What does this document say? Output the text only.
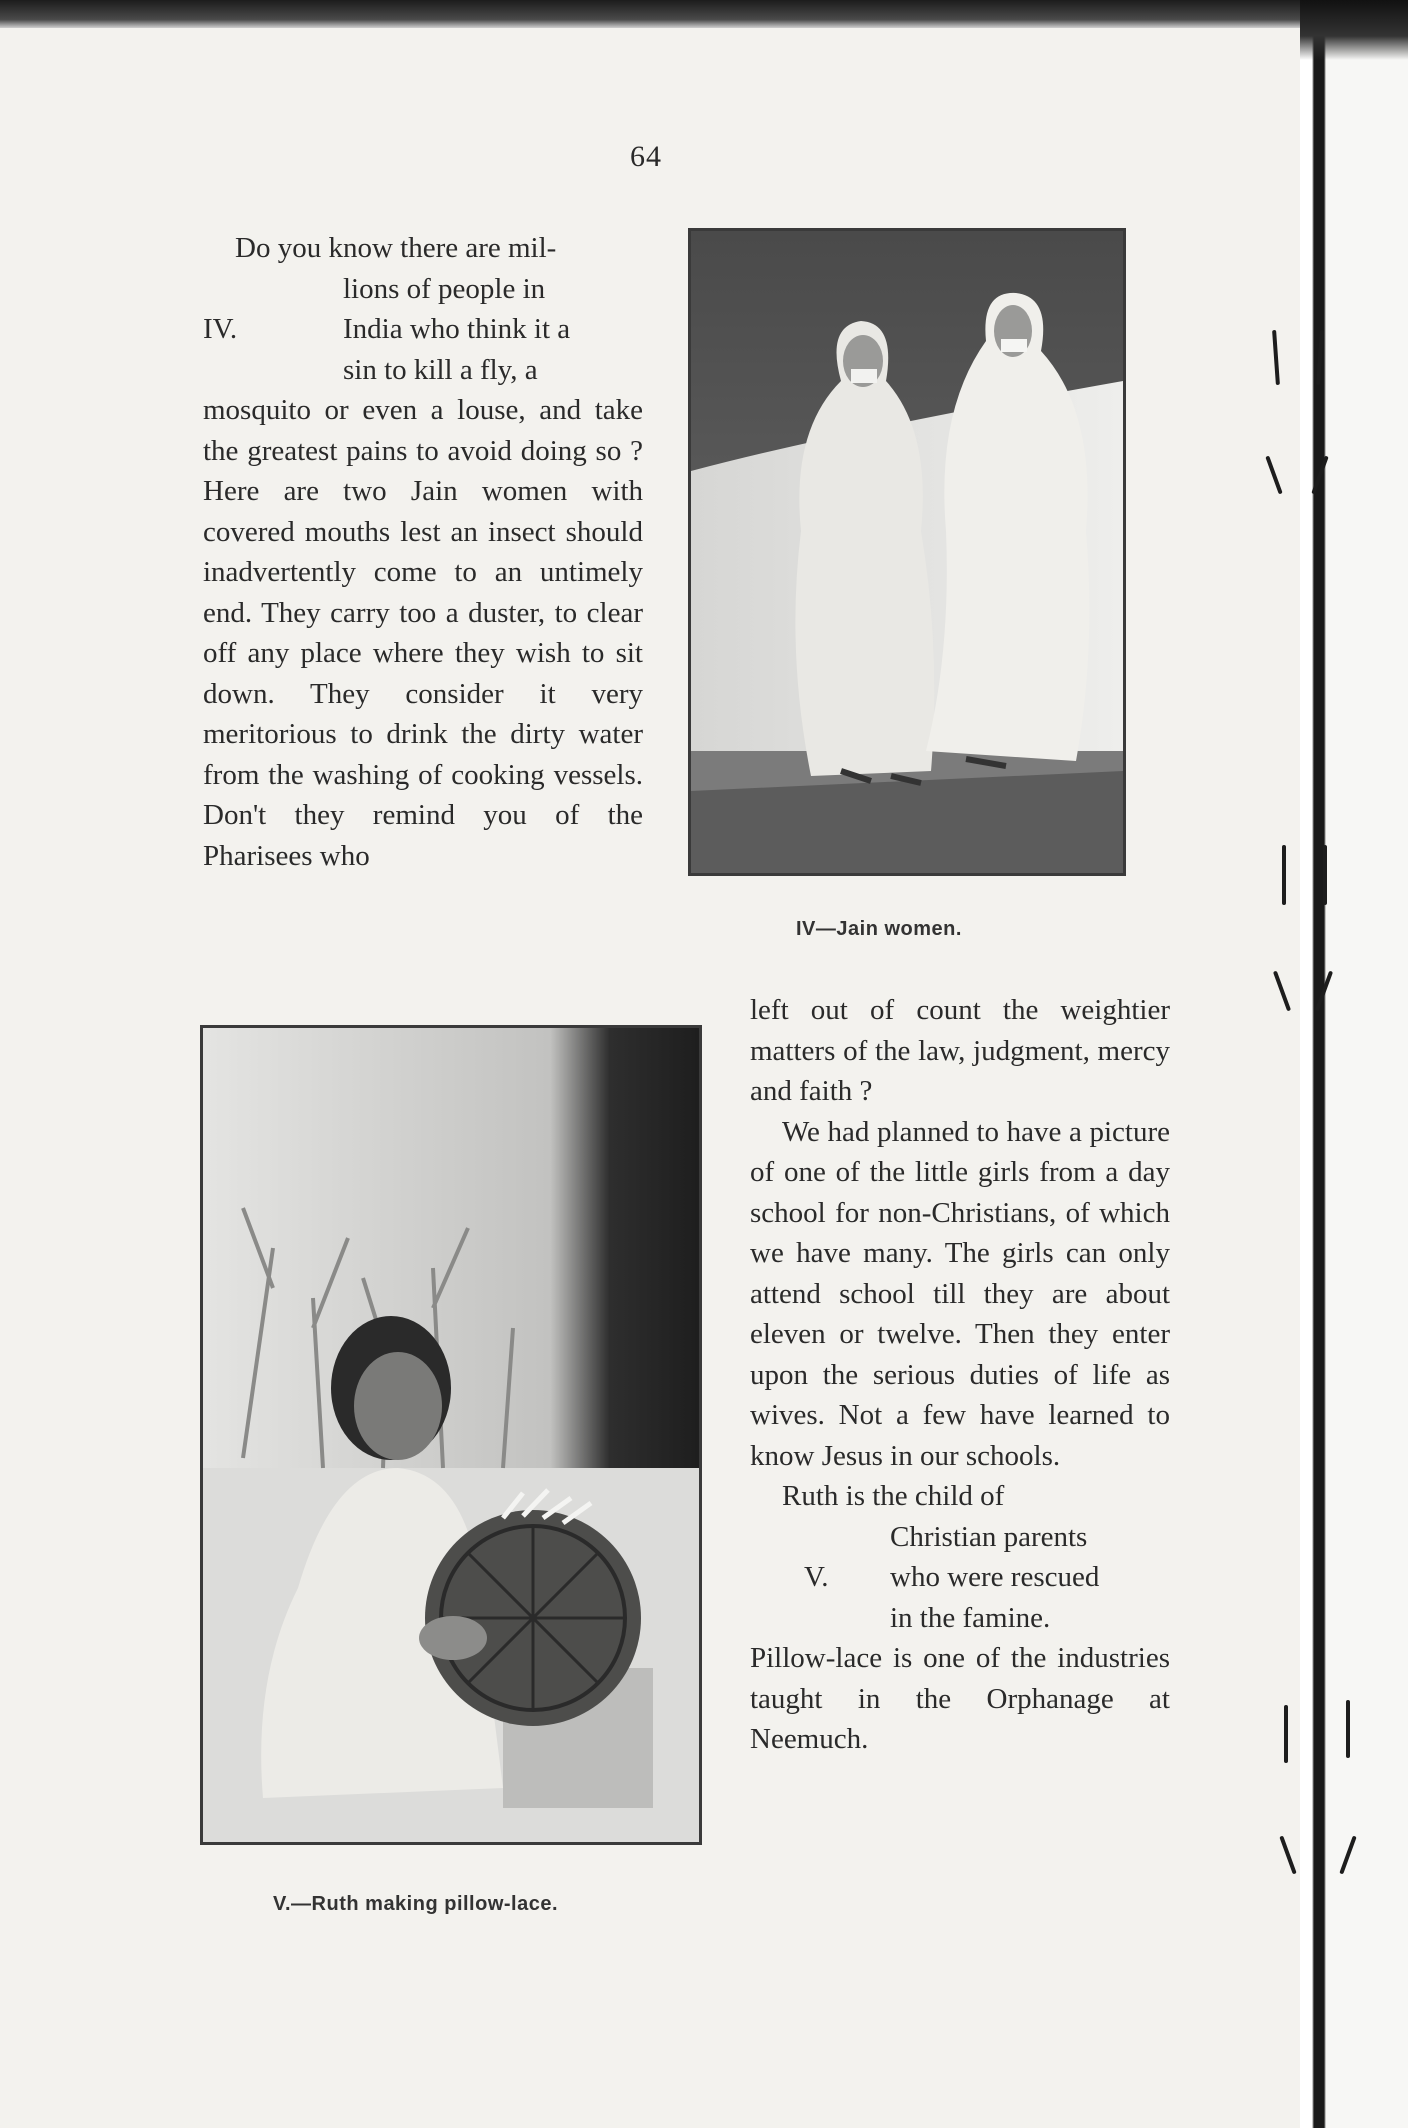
64

Do you know there are mil-

IV.
lions of people in
India who think it a
sin to kill a fly, a

mosquito or even a louse, and take the greatest pains to avoid doing so ? Here are two Jain women with covered mouths lest an insect should inadvertently come to an untimely end. They carry too a duster, to clear off any place where they wish to sit down. They consider it very meritorious to drink the dirty water from the washing of cooking vessels. Don't they remind you of the Pharisees who

IV—Jain women.

left out of count the weightier matters of the law, judgment, mercy and faith ?

We had planned to have a picture of one of the little girls from a day school for non-Christians, of which we have many. The girls can only attend school till they are about eleven or twelve. Then they enter upon the serious duties of life as wives. Not a few have learned to know Jesus in our schools.

Ruth is the child of

V.
Christian parents
who were rescued
in the famine.

Pillow-lace is one of the industries taught in the Orphanage at Neemuch.

V.—Ruth making pillow-lace.
